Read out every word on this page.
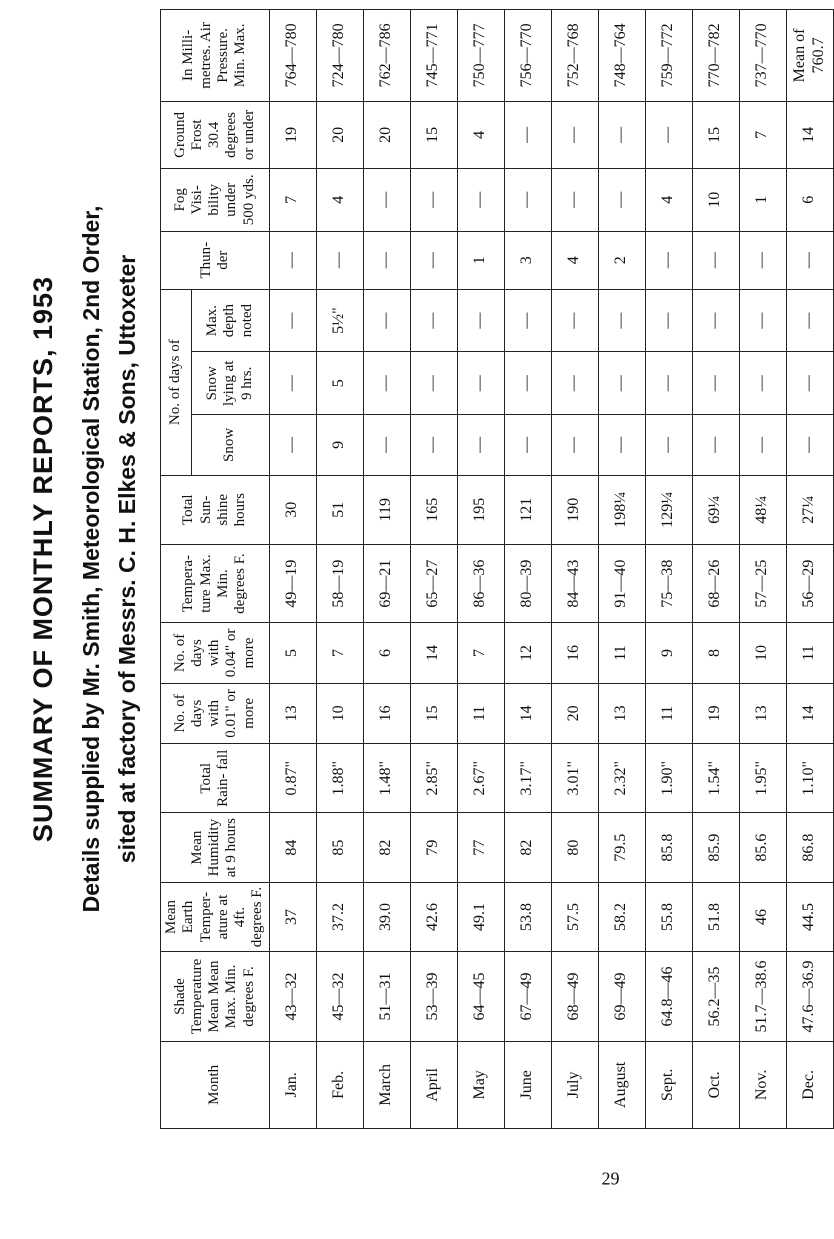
SUMMARY OF MONTHLY REPORTS, 1953 Details supplied by Mr. Smith, Meteorological Station, 2nd Order, sited at factory of Messrs. C. H. Elkes & Sons, Uttoxeter
29
Month	Shade Temperature Mean Mean Max. Min. degrees F.	Mean Earth Temper- ature at 4ft. degrees F.	Mean Humidity at 9 hours	Total Rain- fall	No. of days with 0.01" or more	No. of days with 0.04" or more	Tempera- ture Max. Min. degrees F.	Total Sun- shine hours	No. of days of			Thun- der	Fog Visi- bility under 500 yds.	Ground Frost 30.4 degrees or under	In Milli- metres. Air Pressure. Min. Max.
									Snow	Snow lying at 9 hrs.	Max. depth noted				
Jan.	43—32	37	84	0.87"	13	5	49—19	30	—	—	—	—	7	19	764—780
Feb.	45—32	37.2	85	1.88"	10	7	58—19	51	9	5	5½"	—	4	20	724—780
March	51—31	39.0	82	1.48"	16	6	69—21	119	—	—	—	—	—	20	762—786
April	53—39	42.6	79	2.85"	15	14	65—27	165	—	—	—	—	—	15	745—771
May	64—45	49.1	77	2.67"	11	7	86—36	195	—	—	—	1	—	4	750—777
June	67—49	53.8	82	3.17"	14	12	80—39	121	—	—	—	3	—	—	756—770
July	68—49	57.5	80	3.01"	20	16	84—43	190	—	—	—	4	—	—	752—768
August	69—49	58.2	79.5	2.32"	13	11	91—40	198¼	—	—	—	2	—	—	748—764
Sept.	64.8—46	55.8	85.8	1.90"	11	9	75—38	129¼	—	—	—	—	4	—	759—772
Oct.	56.2—35	51.8	85.9	1.54"	19	8	68—26	69¼	—	—	—	—	10	15	770—782
Nov.	51.7—38.6	46	85.6	1.95"	13	10	57—25	48¼	—	—	—	—	1	7	737—770
Dec.	47.6—36.9	44.5	86.8	1.10"	14	11	56—29	27¼	—	—	—	—	6	14	Mean of 760.7
